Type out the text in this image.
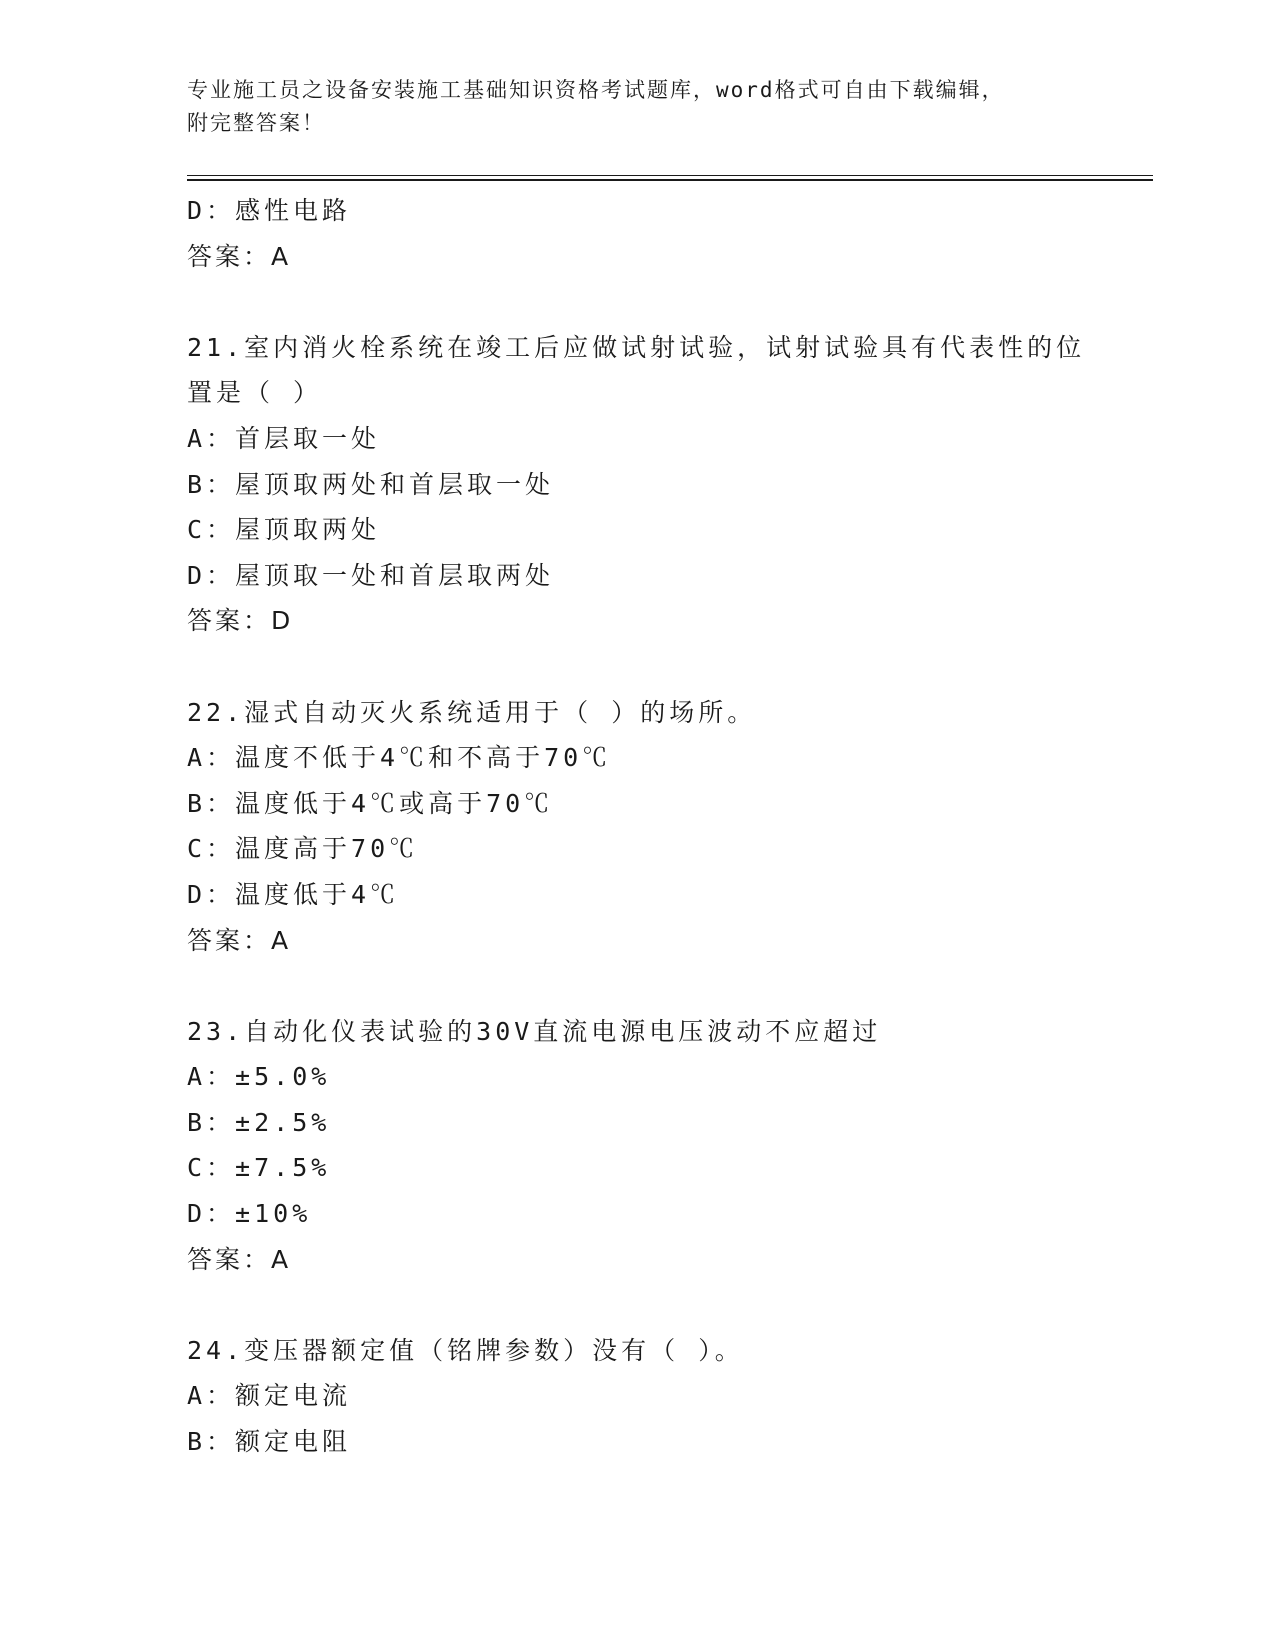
专业施工员之设备安装施工基础知识资格考试题库，word格式可自由下载编辑，
附完整答案！
D：感性电路
答案：A
21.室内消火栓系统在竣工后应做试射试验，试射试验具有代表性的位
置是（ ）
A：首层取一处
B：屋顶取两处和首层取一处
C：屋顶取两处
D：屋顶取一处和首层取两处
答案：D
22.湿式自动灭火系统适用于（ ）的场所。
A：温度不低于4℃和不高于70℃
B：温度低于4℃或高于70℃
C：温度高于70℃
D：温度低于4℃
答案：A
23.自动化仪表试验的30V直流电源电压波动不应超过
A：±5.0%
B：±2.5%
C：±7.5%
D：±10%
答案：A
24.变压器额定值（铭牌参数）没有（ ）。
A：额定电流
B：额定电阻
